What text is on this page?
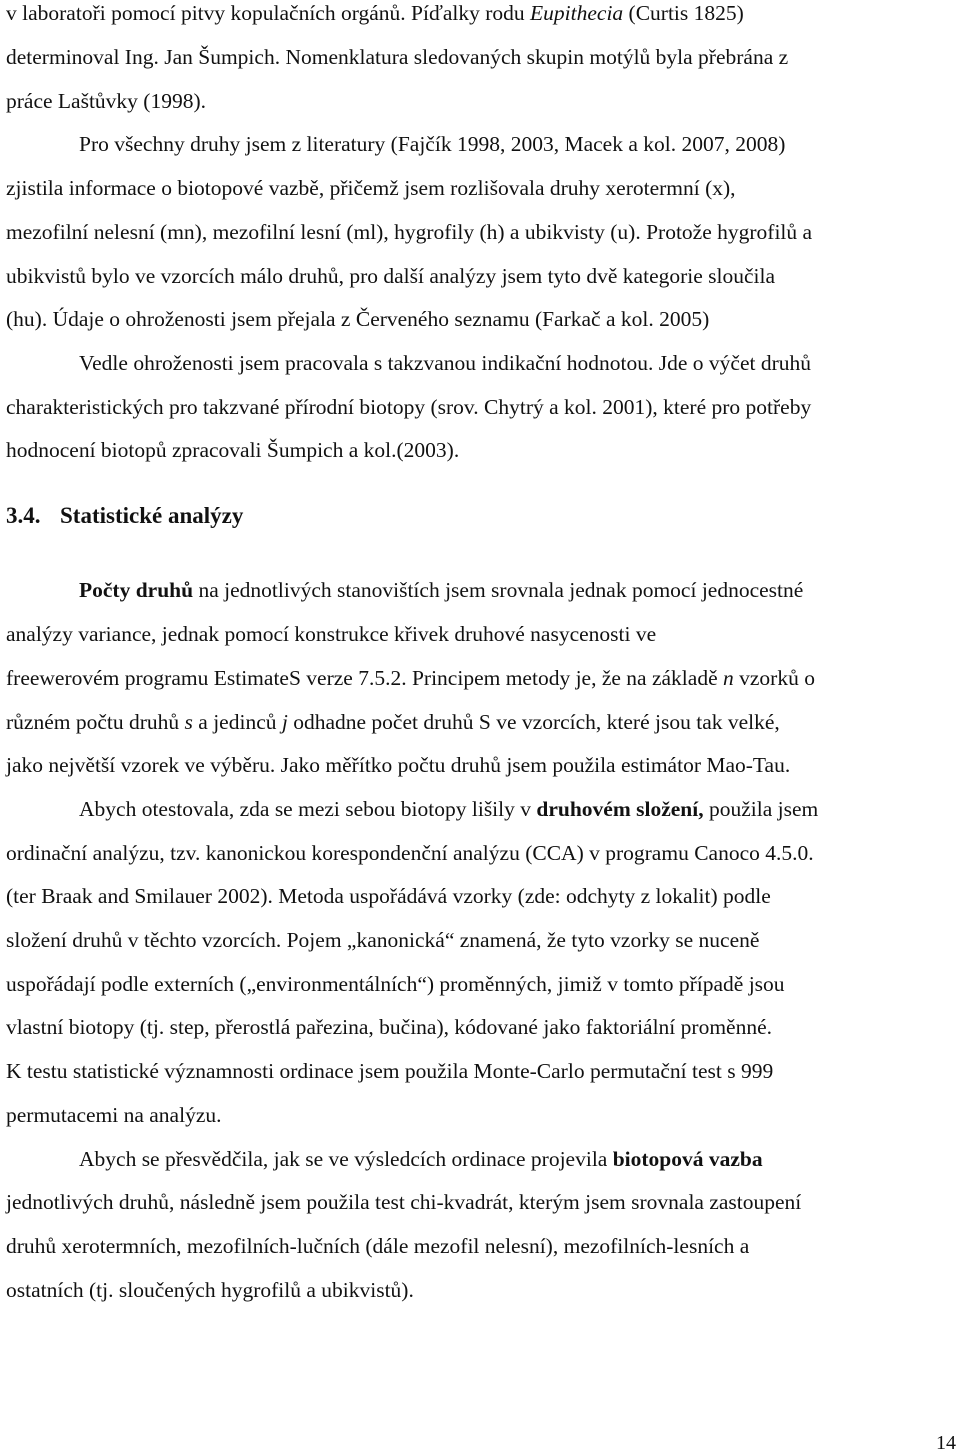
v laboratoři pomocí pitvy kopulačních orgánů. Píďalky rodu Eupithecia (Curtis 1825)
determinoval Ing. Jan Šumpich. Nomenklatura sledovaných skupin motýlů byla přebrána z
práce Laštůvky (1998).
Pro všechny druhy jsem z literatury (Fajčík 1998, 2003, Macek a kol. 2007, 2008)
zjistila informace o biotopové vazbě, přičemž jsem rozlišovala druhy xerotermní (x),
mezofilní nelesní (mn), mezofilní lesní (ml), hygrofily (h) a ubikvisty (u). Protože hygrofilů a
ubikvistů bylo ve vzorcích málo druhů, pro další analýzy jsem tyto dvě kategorie sloučila
(hu). Údaje o ohroženosti jsem přejala z Červeného seznamu (Farkač a kol. 2005)
Vedle ohroženosti jsem pracovala s takzvanou indikační hodnotou. Jde o výčet druhů
charakteristických pro takzvané přírodní biotopy (srov. Chytrý a kol. 2001), které pro potřeby
hodnocení biotopů zpracovali Šumpich a kol.(2003).
Počty druhů na jednotlivých stanovištích jsem srovnala jednak pomocí jednocestné
analýzy variance, jednak pomocí konstrukce křivek druhové nasycenosti ve
freewerovém programu EstimateS verze 7.5.2. Principem metody je, že na základě n vzorků o
různém počtu druhů s a jedinců j odhadne počet druhů S ve vzorcích, které jsou tak velké,
jako největší vzorek ve výběru. Jako měřítko počtu druhů jsem použila estimátor Mao-Tau.
Abych otestovala, zda se mezi sebou biotopy lišily v druhovém složení, použila jsem
ordinační analýzu, tzv. kanonickou korespondenční analýzu (CCA) v programu Canoco 4.5.0.
(ter Braak and Smilauer 2002). Metoda uspořádává vzorky (zde: odchyty z lokalit) podle
složení druhů v těchto vzorcích. Pojem „kanonická“ znamená, že tyto vzorky se nuceně
uspořádají podle externích („environmentálních“) proměnných, jimiž v tomto případě jsou
vlastní biotopy (tj. step, přerostlá pařezina, bučina), kódované jako faktoriální proměnné.
K testu statistické významnosti ordinace jsem použila Monte-Carlo permutační test s 999
permutacemi na analýzu.
Abych se přesvědčila, jak se ve výsledcích ordinace projevila biotopová vazba
jednotlivých druhů, následně jsem použila test chi-kvadrát, kterým jsem srovnala zastoupení
druhů xerotermních, mezofilních-lučních (dále mezofil nelesní), mezofilních-lesních a
ostatních (tj. sloučených hygrofilů a ubikvistů).
3.4. Statistické analýzy
14
